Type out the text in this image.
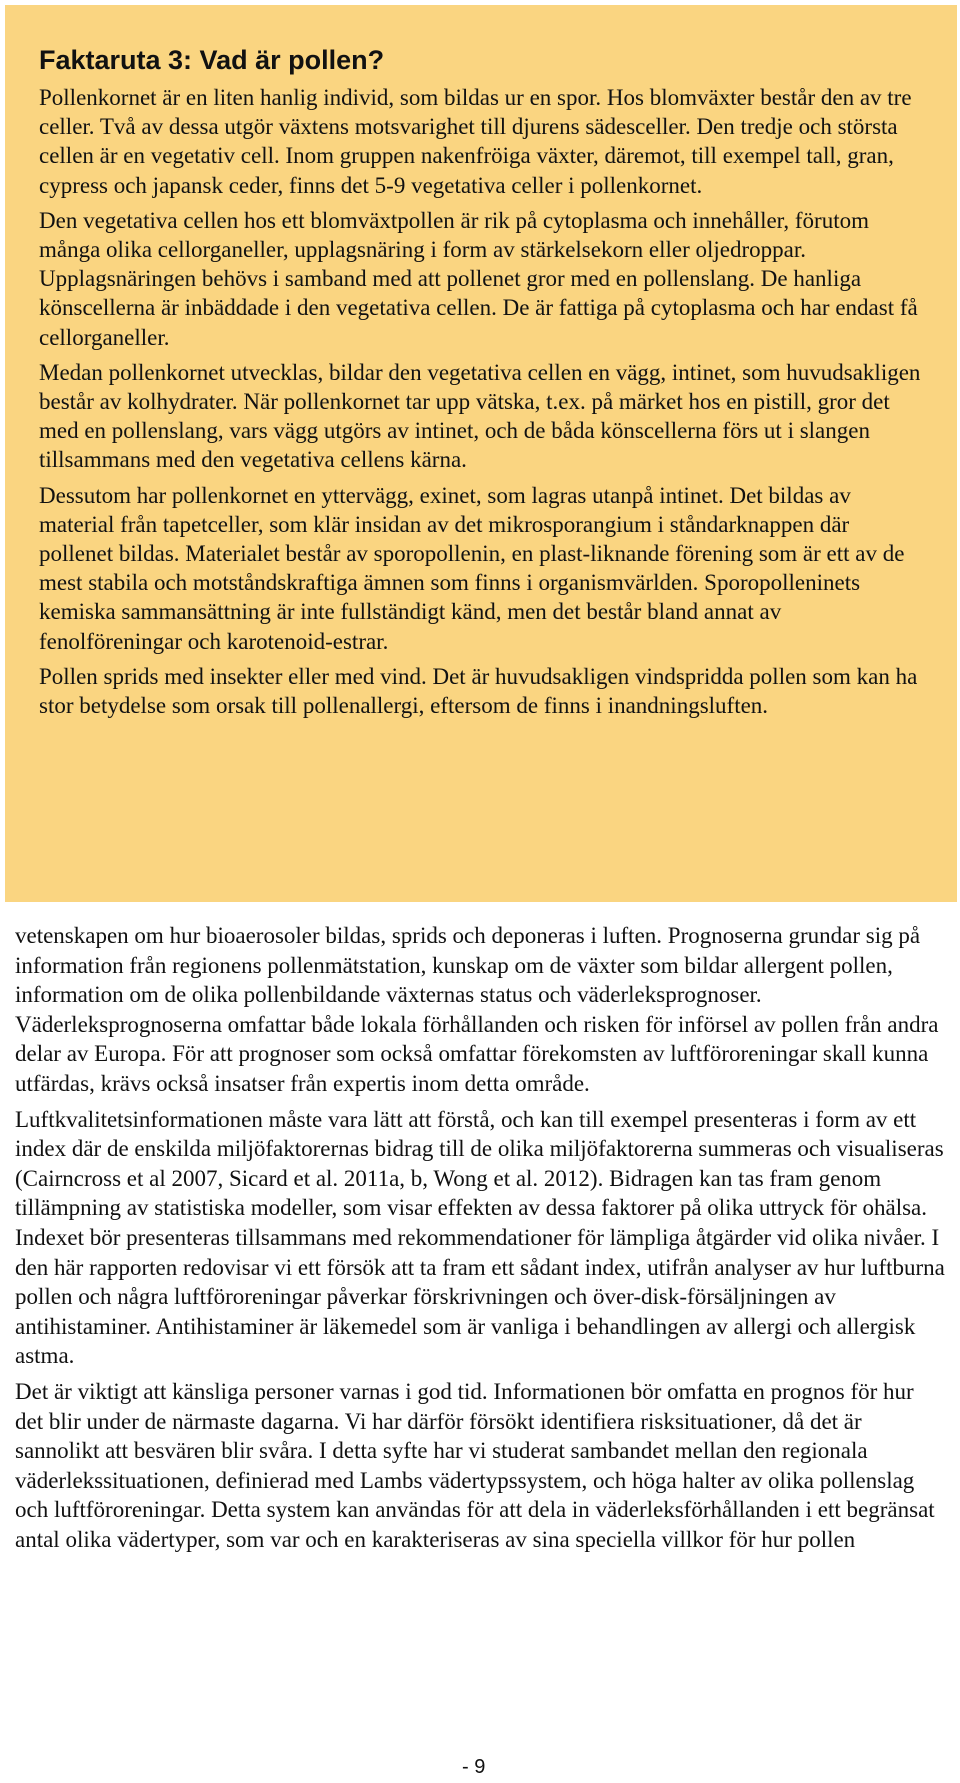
Faktaruta 3: Vad är pollen?

Pollenkornet är en liten hanlig individ, som bildas ur en spor. Hos blomväxter består den av tre celler. Två av dessa utgör växtens motsvarighet till djurens sädesceller. Den tredje och största cellen är en vegetativ cell. Inom gruppen nakenfröiga växter, däremot, till exempel tall, gran, cypress och japansk ceder, finns det 5-9 vegetativa celler i pollenkornet.

Den vegetativa cellen hos ett blomväxtpollen är rik på cytoplasma och innehåller, förutom många olika cellorganeller, upplagsnäring i form av stärkelsekorn eller oljedroppar. Upplagsnäringen behövs i samband med att pollenet gror med en pollenslang. De hanliga könscellerna är inbäddade i den vegetativa cellen. De är fattiga på cytoplasma och har endast få cellorganeller.

Medan pollenkornet utvecklas, bildar den vegetativa cellen en vägg, intinet, som huvudsakligen består av kolhydrater. När pollenkornet tar upp vätska, t.ex. på märket hos en pistill, gror det med en pollenslang, vars vägg utgörs av intinet, och de båda könscellerna förs ut i slangen tillsammans med den vegetativa cellens kärna.

Dessutom har pollenkornet en yttervägg, exinet, som lagras utanpå intinet. Det bildas av material från tapetceller, som klär insidan av det mikrosporangium i ståndarknappen där pollenet bildas. Materialet består av sporopollenin, en plast-liknande förening som är ett av de mest stabila och motståndskraftiga ämnen som finns i organismvärlden. Sporopolleninets kemiska sammansättning är inte fullständigt känd, men det består bland annat av fenolföreningar och karotenoid-estrar.

Pollen sprids med insekter eller med vind. Det är huvudsakligen vindspridda pollen som kan ha stor betydelse som orsak till pollenallergi, eftersom de finns i inandningsluften.

vetenskapen om hur bioaerosoler bildas, sprids och deponeras i luften. Prognoserna grundar sig på information från regionens pollenmätstation, kunskap om de växter som bildar allergent pollen, information om de olika pollenbildande växternas status och väderleksprognoser. Väderleksprognoserna omfattar både lokala förhållanden och risken för införsel av pollen från andra delar av Europa. För att prognoser som också omfattar förekomsten av luftföroreningar skall kunna utfärdas, krävs också insatser från expertis inom detta område.

Luftkvalitetsinformationen måste vara lätt att förstå, och kan till exempel presenteras i form av ett index där de enskilda miljöfaktorernas bidrag till de olika miljöfaktorerna summeras och visualiseras (Cairncross et al 2007, Sicard et al. 2011a, b, Wong et al. 2012). Bidragen kan tas fram genom tillämpning av statistiska modeller, som visar effekten av dessa faktorer på olika uttryck för ohälsa. Indexet bör presenteras tillsammans med rekommendationer för lämpliga åtgärder vid olika nivåer. I den här rapporten redovisar vi ett försök att ta fram ett sådant index, utifrån analyser av hur luftburna pollen och några luftföroreningar påverkar förskrivningen och över-disk-försäljningen av antihistaminer. Antihistaminer är läkemedel som är vanliga i behandlingen av allergi och allergisk astma.

Det är viktigt att känsliga personer varnas i god tid. Informationen bör omfatta en prognos för hur det blir under de närmaste dagarna. Vi har därför försökt identifiera risksituationer, då det är sannolikt att besvären blir svåra. I detta syfte har vi studerat sambandet mellan den regionala väderlekssituationen, definierad med Lambs vädertypssystem, och höga halter av olika pollenslag och luftföroreningar. Detta system kan användas för att dela in väderleksförhållanden i ett begränsat antal olika vädertyper, som var och en karakteriseras av sina speciella villkor för hur pollen

- 9
